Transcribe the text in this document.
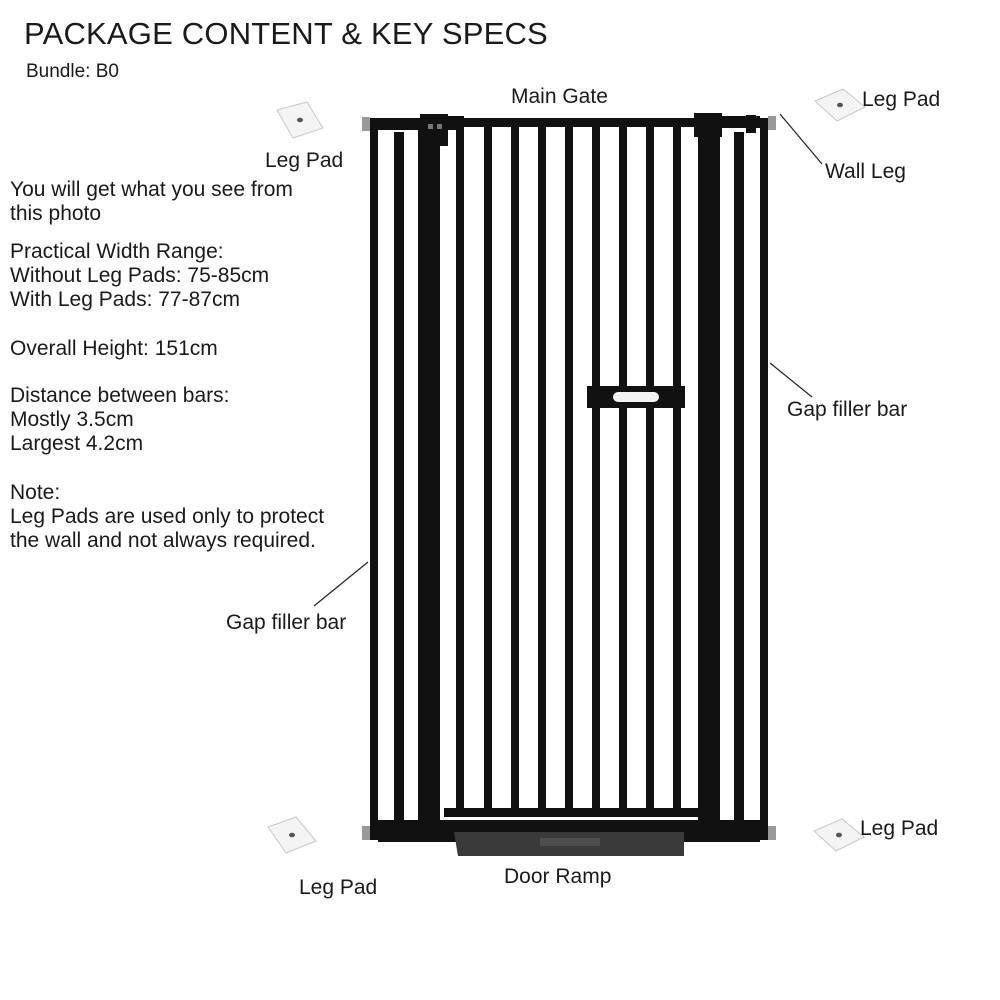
PACKAGE CONTENT & KEY SPECS
Bundle: B0
You will get what you see from
this photo
Practical Width Range:
Without Leg Pads: 75-85cm
With Leg Pads: 77-87cm
Overall Height: 151cm
Distance between bars:
Mostly 3.5cm
Largest 4.2cm
Note:
Leg Pads are used only to protect
the wall and not always required.
Main Gate
Leg Pad
Leg Pad
Wall Leg
Gap filler bar
Gap filler bar
Leg Pad
Leg Pad
Door Ramp
